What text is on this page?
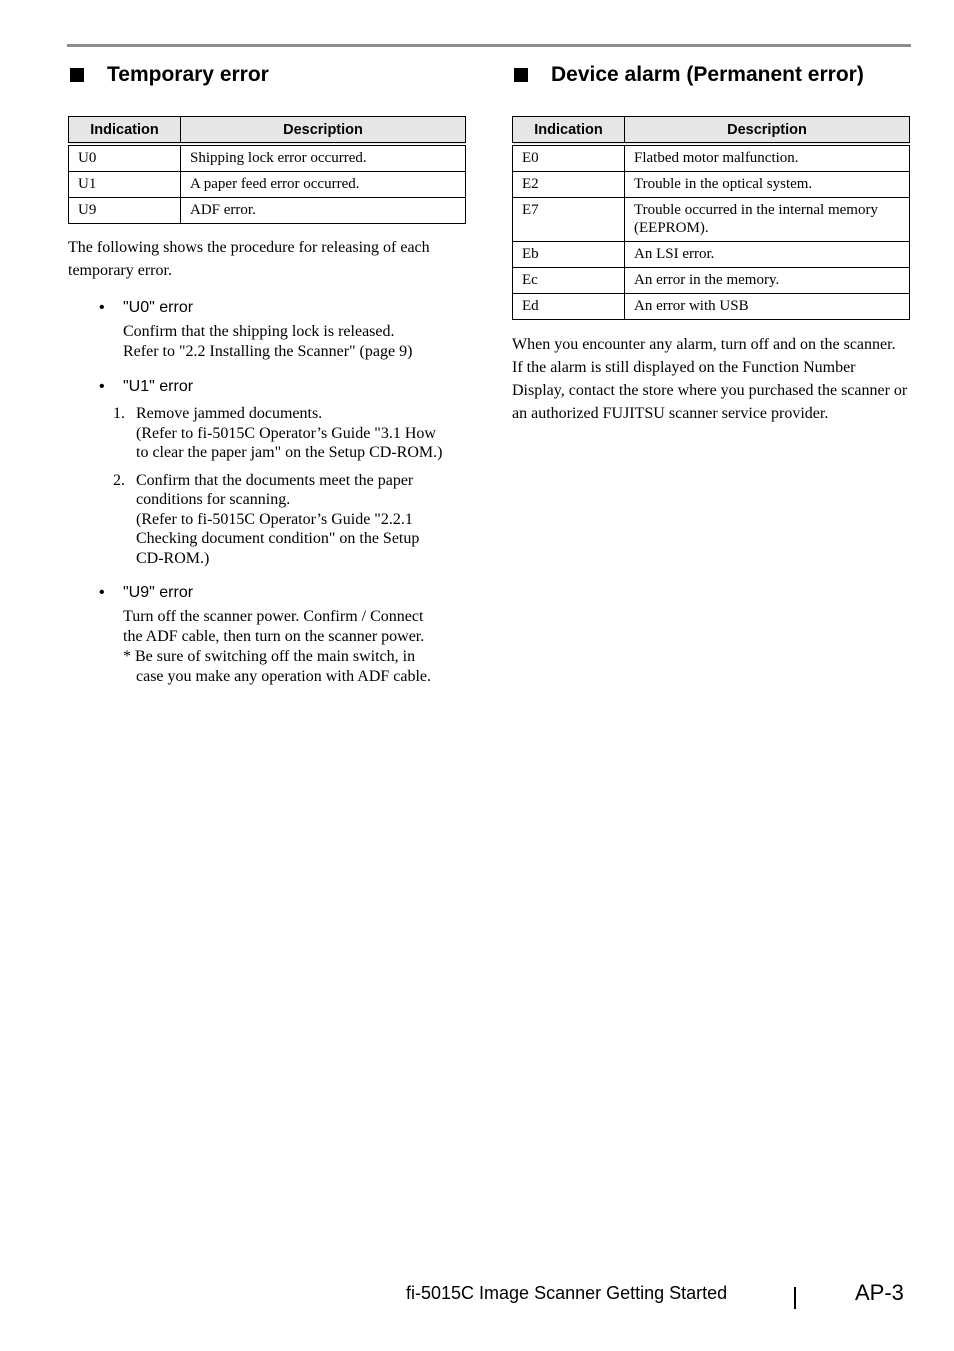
Temporary error
Indication	Description
U0	Shipping lock error occurred.
U1	A paper feed error occurred.
U9	ADF error.

The following shows the procedure for releasing of each temporary error.

• "U0" error

Confirm that the shipping lock is released.

Refer to "2.2 Installing the Scanner" (page 9)

• "U1" error

1. Remove jammed documents.

(Refer to fi-5015C Operator’s Guide "3.1 How

to clear the paper jam" on the Setup CD-ROM.)

2. Confirm that the documents meet the paper

conditions for scanning.

(Refer to fi-5015C Operator’s Guide "2.2.1

Checking document condition" on the Setup

CD-ROM.)

• "U9" error

Turn off the scanner power. Confirm / Connect

the ADF cable, then turn on the scanner power.

* Be sure of switching off the main switch, in

case you make any operation with ADF cable.

Device alarm (Permanent error)
Indication	Description
E0	Flatbed motor malfunction.
E2	Trouble in the optical system.
E7	Trouble occurred in the internal memory (EEPROM).
Eb	An LSI error.
Ec	An error in the memory.
Ed	An error with USB

When you encounter any alarm, turn off and on the scanner. If the alarm is still displayed on the Function Number Display, contact the store where you purchased the scanner or an authorized FUJITSU scanner service provider.

fi-5015C Image Scanner Getting Started	AP-3
